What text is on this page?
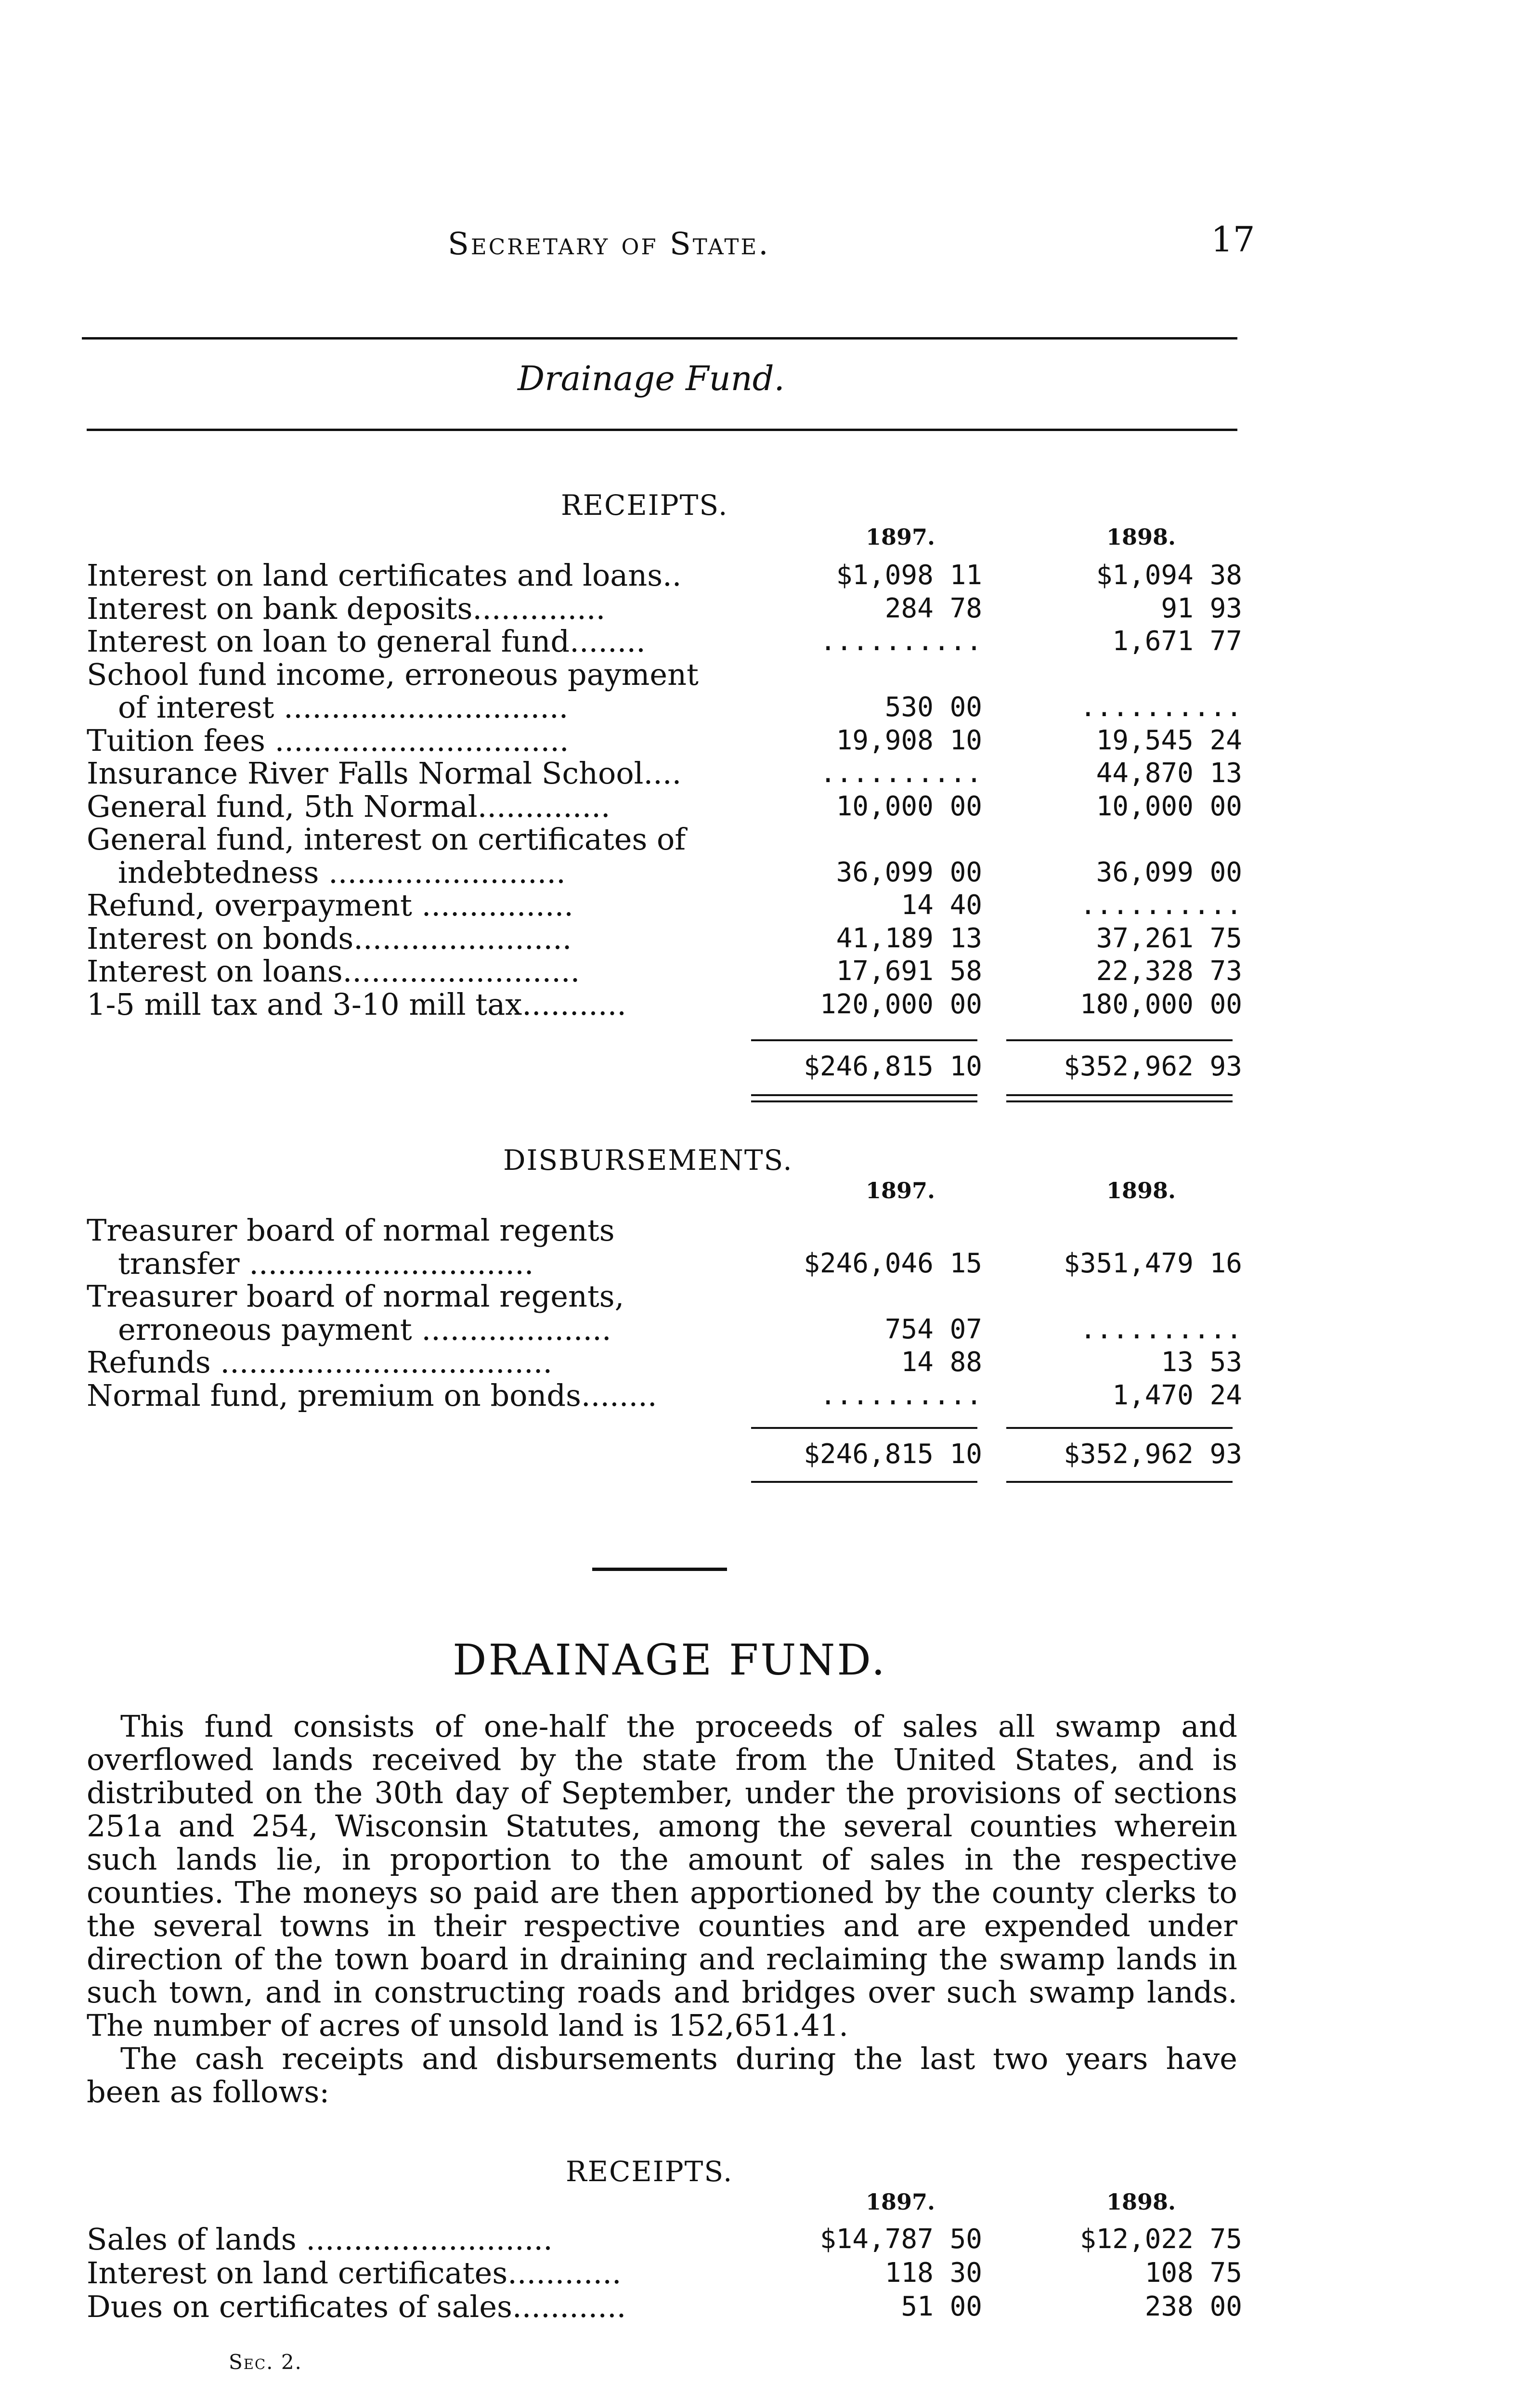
Secretary of State.	17
Drainage Fund.
RECEIPTS.
1897.	1898.
Interest on land certificates and loans..	$1,098 11	$1,094 38
Interest on bank deposits..............	284 78	91 93
Interest on loan to general fund........	..........	1,671 77
School fund income, erroneous payment
of interest ..............................	530 00	..........
Tuition fees ...............................	19,908 10	19,545 24
Insurance River Falls Normal School....	..........	44,870 13
General fund, 5th Normal..............	10,000 00	10,000 00
General fund, interest on certificates of
indebtedness .........................	36,099 00	36,099 00
Refund, overpayment ................	14 40	..........
Interest on bonds.......................	41,189 13	37,261 75
Interest on loans.........................	17,691 58	22,328 73
1-5 mill tax and 3-10 mill tax...........	120,000 00	180,000 00
$246,815 10	$352,962 93
DISBURSEMENTS.
1897.	1898.
Treasurer board of normal regents
transfer ..............................	$246,046 15	$351,479 16
Treasurer board of normal regents,
erroneous payment ....................	754 07	..........
Refunds ...................................	14 88	13 53
Normal fund, premium on bonds........	..........	1,470 24
$246,815 10	$352,962 93
DRAINAGE FUND.

This fund consists of one-half the proceeds of sales all swamp and overflowed lands received by the state from the United States, and is distributed on the 30th day of September, under the provisions of sections 251a and 254, Wisconsin Statutes, among the several counties wherein such lands lie, in proportion to the amount of sales in the respective counties. The moneys so paid are then apportioned by the county clerks to the several towns in their respective counties and are expended under direction of the town board in draining and reclaiming the swamp lands in such town, and in constructing roads and bridges over such swamp lands. The number of acres of unsold land is 152,651.41.

The cash receipts and disbursements during the last two years have been as follows:

RECEIPTS.
1897.	1898.
Sales of lands ..........................	$14,787 50	$12,022 75
Interest on land certificates............	118 30	108 75
Dues on certificates of sales............	51 00	238 00
Sec. 2.
